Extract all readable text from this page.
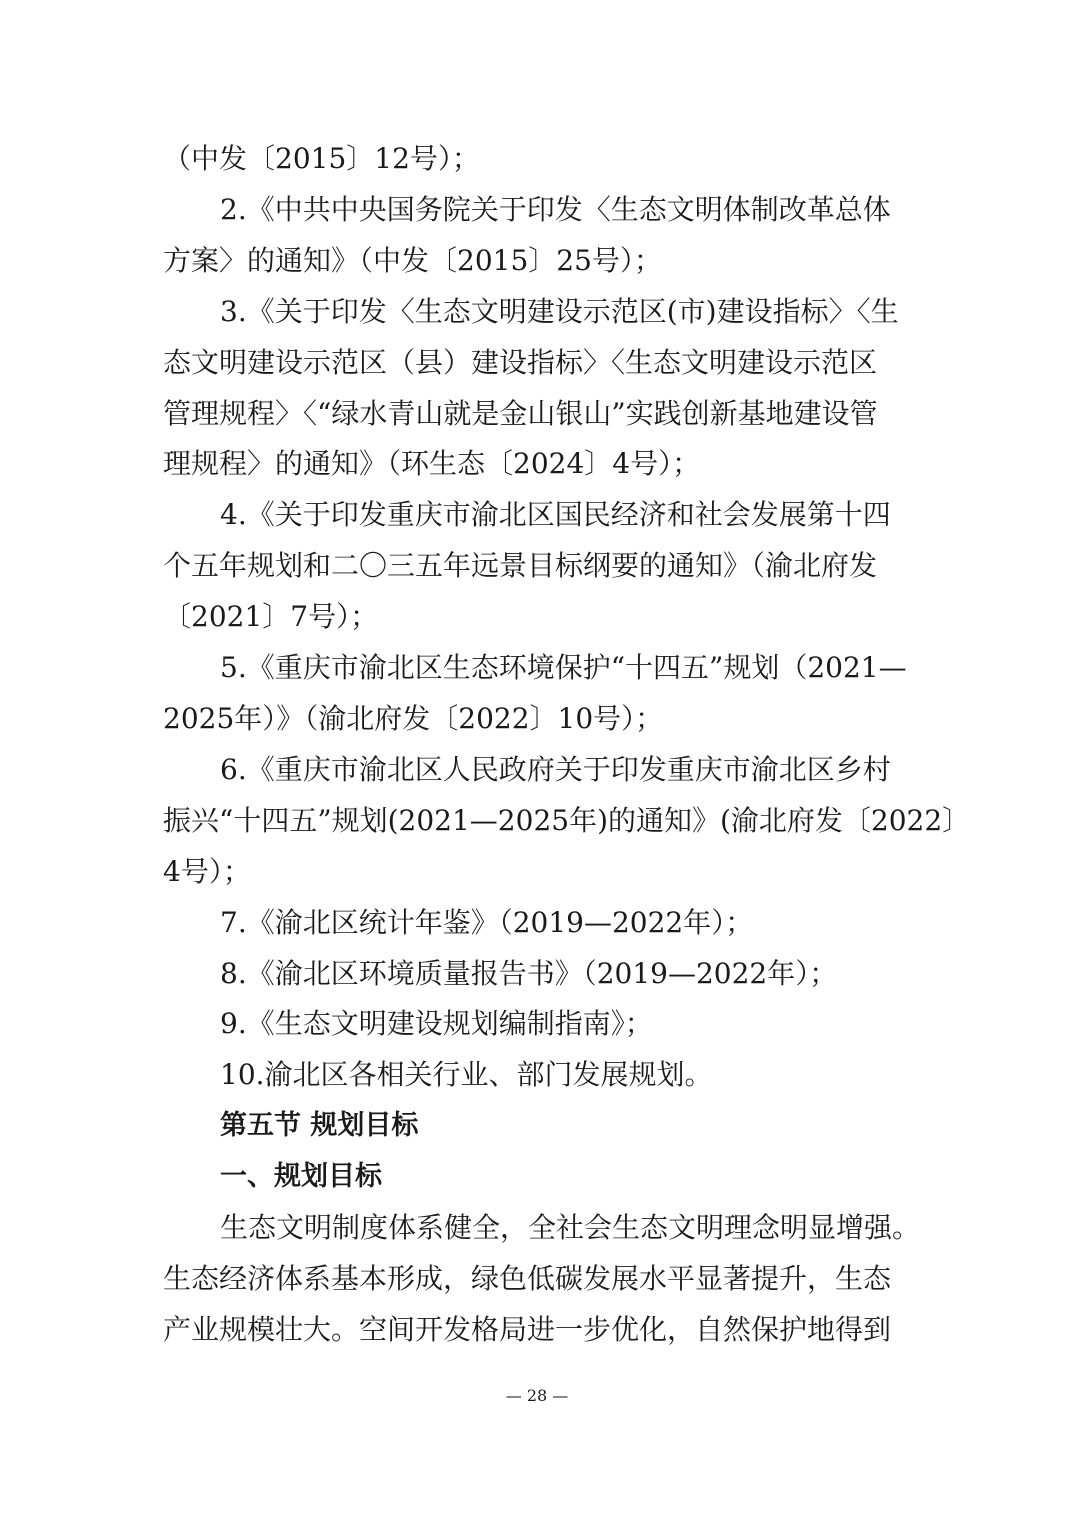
（中发〔2015〕12号）；

2.《中共中央国务院关于印发〈生态文明体制改革总体

方案〉的通知》（中发〔2015〕25号）；

3.《关于印发〈生态文明建设示范区(市)建设指标〉〈生

态文明建设示范区（县）建设指标〉〈生态文明建设示范区

管理规程〉〈“绿水青山就是金山银山”实践创新基地建设管

理规程〉的通知》（环生态〔2024〕4号）；

4.《关于印发重庆市渝北区国民经济和社会发展第十四

个五年规划和二〇三五年远景目标纲要的通知》（渝北府发

〔2021〕7号）；

5.《重庆市渝北区生态环境保护“十四五”规划（2021—

2025年）》（渝北府发〔2022〕10号）；

6.《重庆市渝北区人民政府关于印发重庆市渝北区乡村

振兴“十四五”规划(2021—2025年)的通知》(渝北府发〔2022〕

4号）；

7.《渝北区统计年鉴》（2019—2022年）；

8.《渝北区环境质量报告书》（2019—2022年）；

9.《生态文明建设规划编制指南》；

10.渝北区各相关行业、部门发展规划。

第五节 规划目标

一、规划目标

生态文明制度体系健全，全社会生态文明理念明显增强。

生态经济体系基本形成，绿色低碳发展水平显著提升，生态

产业规模壮大。空间开发格局进一步优化，自然保护地得到

— 28 —
